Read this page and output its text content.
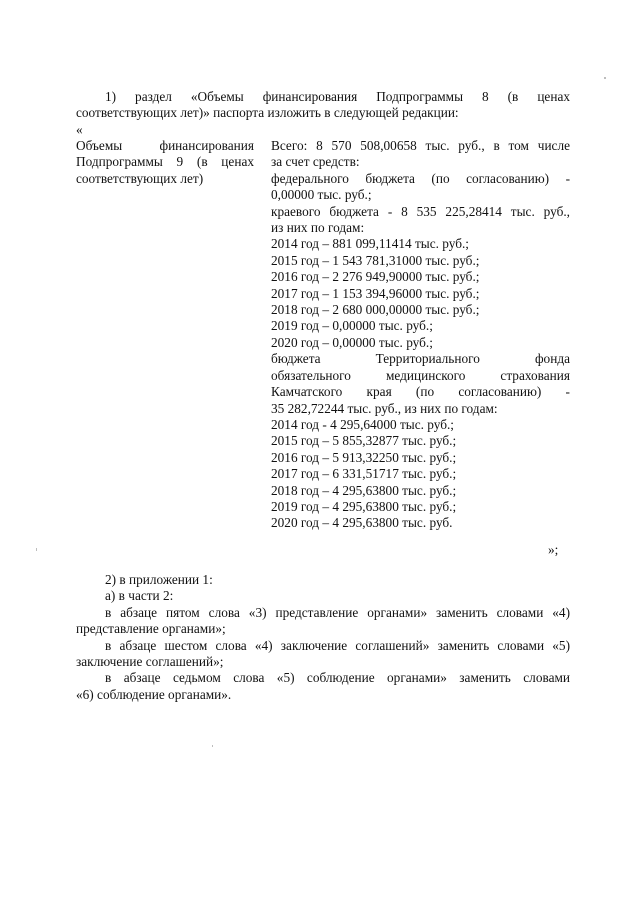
1) раздел «Объемы финансирования Подпрограммы 8 (в ценах
соответствующих лет)» паспорта изложить в следующей редакции:
«
Объемы финансирования
Подпрограммы 9 (в ценах
соответствующих лет)
Всего: 8 570 508,00658 тыс. руб., в том числе
за счет средств:
федерального бюджета (по согласованию) -
0,00000 тыс. руб.;
краевого бюджета - 8 535 225,28414 тыс. руб.,
из них по годам:
2014 год – 881 099,11414 тыс. руб.;
2015 год – 1 543 781,31000 тыс. руб.;
2016 год – 2 276 949,90000 тыс. руб.;
2017 год – 1 153 394,96000 тыс. руб.;
2018 год – 2 680 000,00000 тыс. руб.;
2019 год – 0,00000 тыс. руб.;
2020 год – 0,00000 тыс. руб.;
бюджета Территориального фонда
обязательного медицинского страхования
Камчатского края (по согласованию) -
35 282,72244 тыс. руб., из них по годам:
2014 год - 4 295,64000 тыс. руб.;
2015 год – 5 855,32877 тыс. руб.;
2016 год – 5 913,32250 тыс. руб.;
2017 год – 6 331,51717 тыс. руб.;
2018 год – 4 295,63800 тыс. руб.;
2019 год – 4 295,63800 тыс. руб.;
2020 год – 4 295,63800 тыс. руб.
»;
2) в приложении 1:
а) в части 2:
в абзаце пятом слова «3) представление органами» заменить словами «4)
представление органами»;
в абзаце шестом слова «4) заключение соглашений» заменить словами «5)
заключение соглашений»;
в абзаце седьмом слова «5) соблюдение органами» заменить словами
«6) соблюдение органами».
